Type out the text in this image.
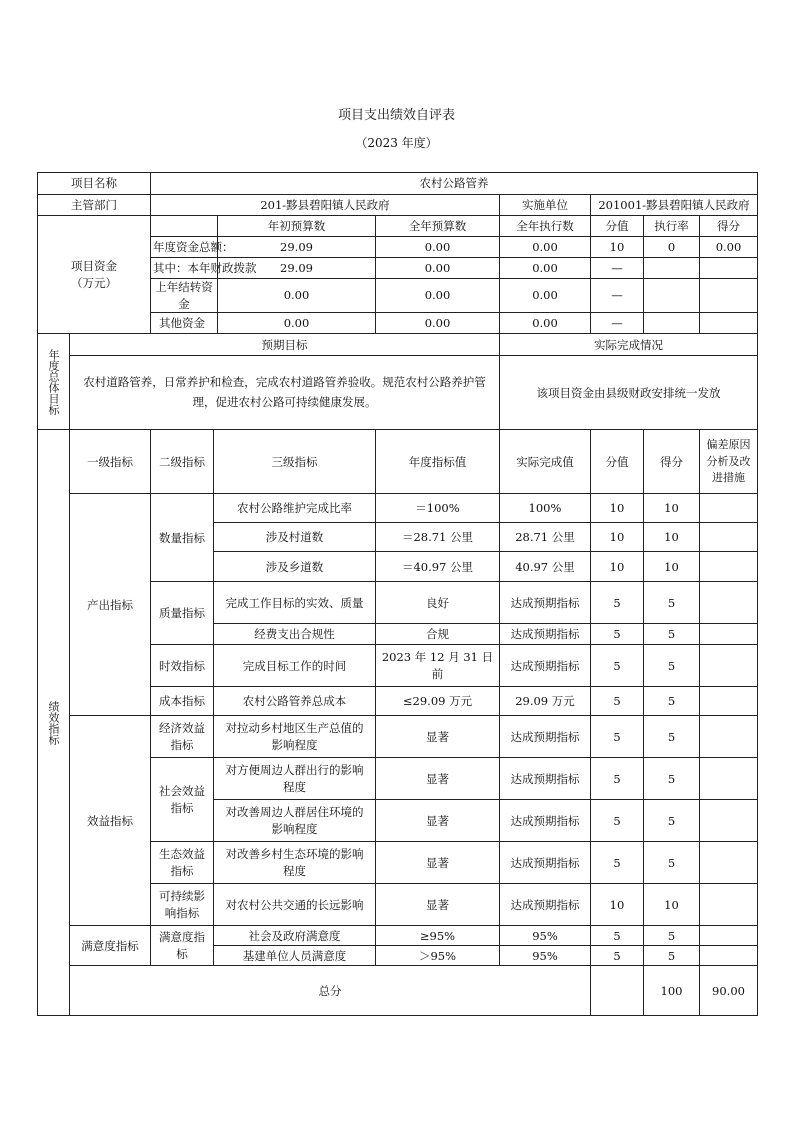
项目支出绩效自评表
（2023 年度）
项目名称		农村公路管养								
主管部门		201-黟县碧阳镇人民政府				实施单位	201001-黟县碧阳镇人民政府			
项目资金
（万元）				年初预算数	全年预算数	全年执行数	分值	执行率	得分	
		年度资金总额：		29.09	0.00	0.00	10	0	0.00	
		其中：本年财政拨款		29.09	0.00	0.00	—			
		上年结转资金		0.00	0.00	0.00	—			
		其他资金		0.00	0.00	0.00	—			
年度总体目标	预期目标					实际完成情况				
	农村道路管养，日常养护和检查，完成农村道路管养验收。规范农村公路养护管理，促进农村公路可持续健康发展。					该项目资金由县级财政安排统一发放				
绩效指标	一级指标	二级指标	三级指标		年度指标值	实际完成值	分值	得分	偏差原因分析及改进措施	
	产出指标	数量指标	农村公路维护完成比率		＝100%	100%	10	10		
			涉及村道数		＝28.71 公里	28.71 公里	10	10		
			涉及乡道数		＝40.97 公里	40.97 公里	10	10		
		质量指标	完成工作目标的实效、质量		良好	达成预期指标	5	5		
			经费支出合规性		合规	达成预期指标	5	5		
		时效指标	完成目标工作的时间		2023 年 12 月 31 日前	达成预期指标	5	5		
		成本指标	农村公路管养总成本		≤29.09 万元	29.09 万元	5	5		
	效益指标	经济效益指标	对拉动乡村地区生产总值的影响程度		显著	达成预期指标	5	5		
		社会效益指标	对方便周边人群出行的影响程度		显著	达成预期指标	5	5		
			对改善周边人群居住环境的影响程度		显著	达成预期指标	5	5		
		生态效益指标	对改善乡村生态环境的影响程度		显著	达成预期指标	5	5		
		可持续影响指标	对农村公共交通的长远影响		显著	达成预期指标	10	10		
	满意度指标	满意度指标	社会及政府满意度		≥95%	95%	5	5		
			基建单位人员满意度		＞95%	95%	5	5		
	总分							100	90.00	
